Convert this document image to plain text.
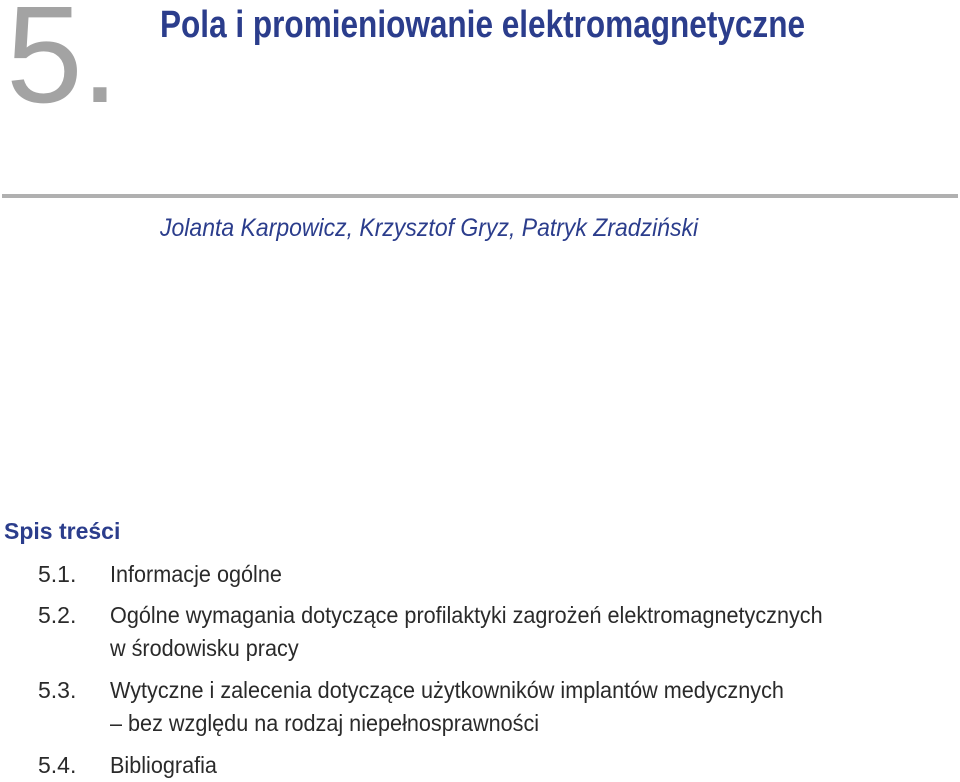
5. Pola i promieniowanie elektromagnetyczne
Jolanta Karpowicz, Krzysztof Gryz, Patryk Zradziński
Spis treści
5.1. Informacje ogólne
5.2. Ogólne wymagania dotyczące profilaktyki zagrożeń elektromagnetycznych
w środowisku pracy
5.3. Wytyczne i zalecenia dotyczące użytkowników implantów medycznych
– bez względu na rodzaj niepełnosprawności
5.4. Bibliografia
